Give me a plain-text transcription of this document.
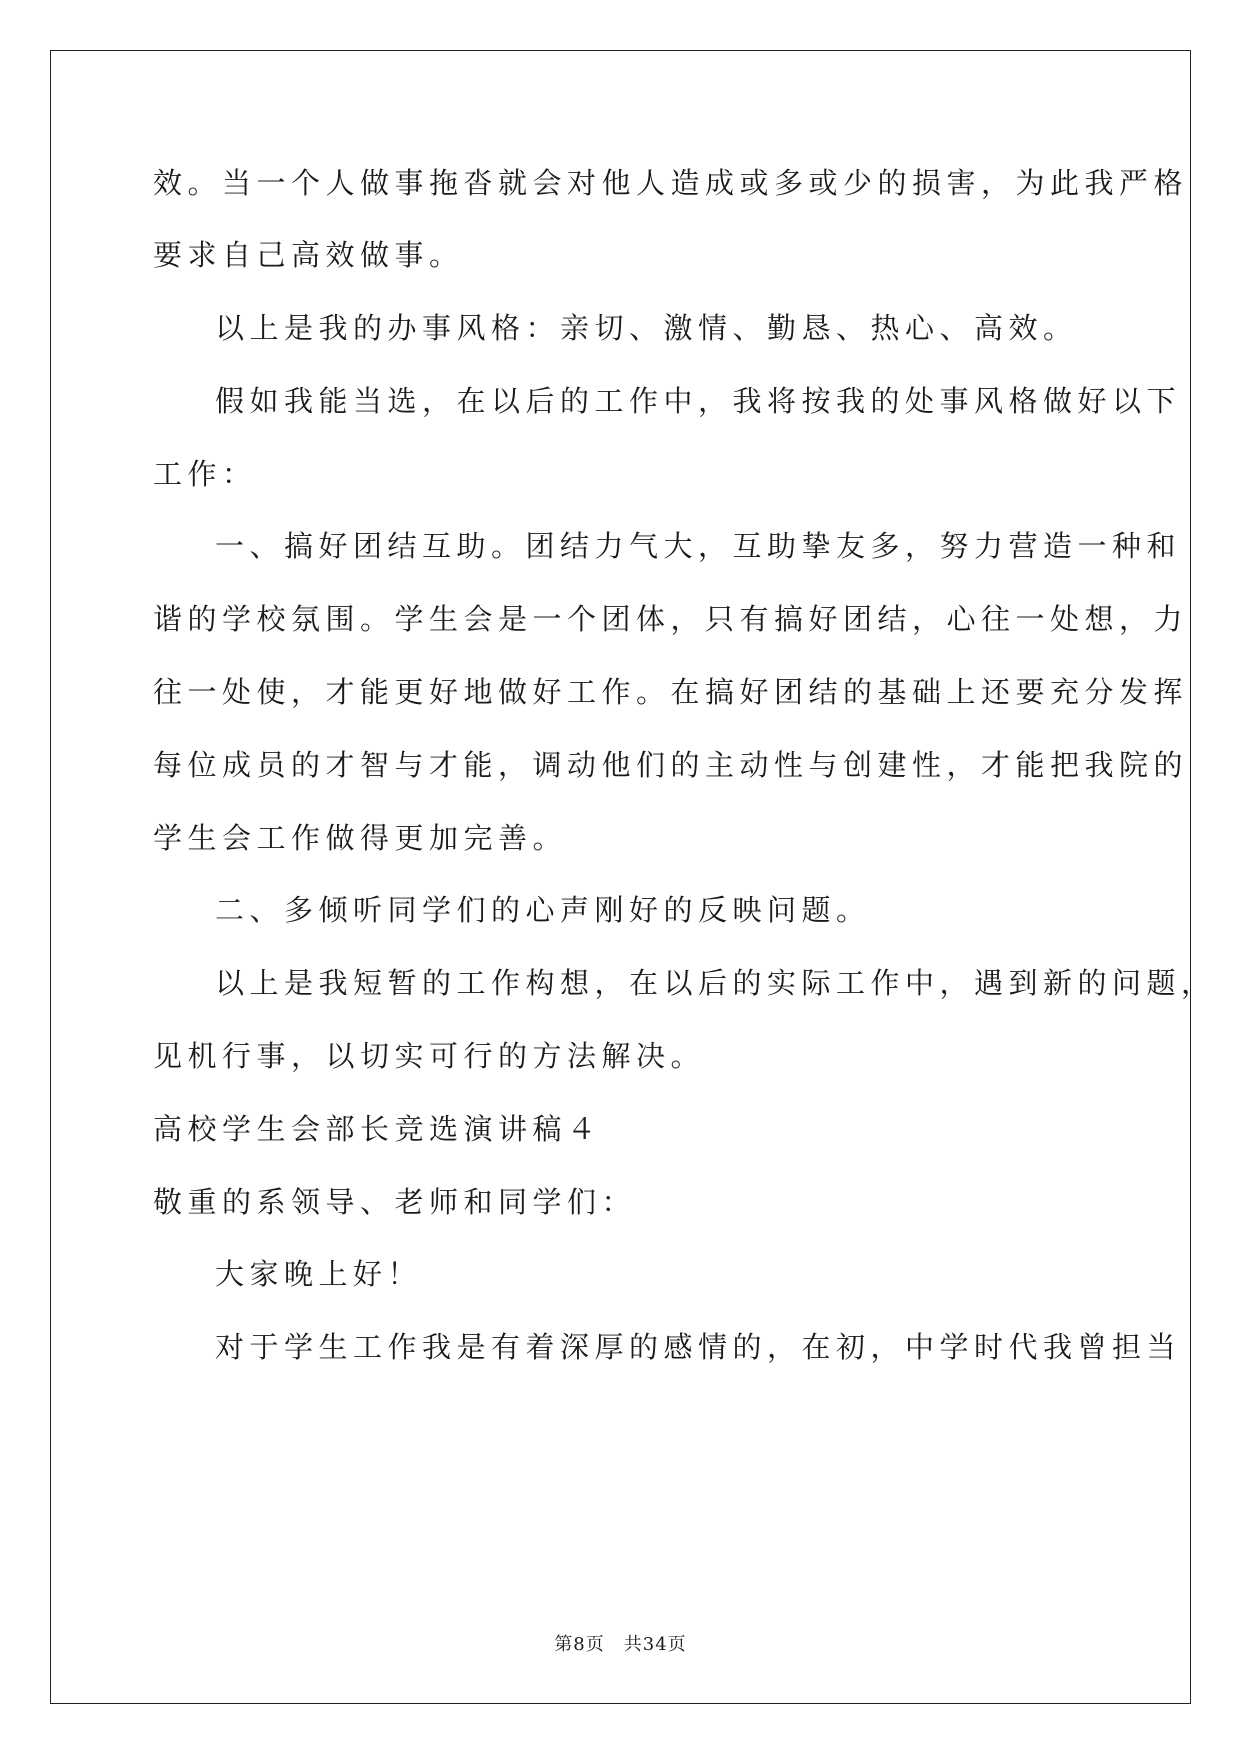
效。当一个人做事拖沓就会对他人造成或多或少的损害，为此我严格
要求自己高效做事。
以上是我的办事风格：亲切、激情、勤恳、热心、高效。
假如我能当选，在以后的工作中，我将按我的处事风格做好以下
工作：
一、搞好团结互助。团结力气大，互助挚友多，努力营造一种和
谐的学校氛围。学生会是一个团体，只有搞好团结，心往一处想，力
往一处使，才能更好地做好工作。在搞好团结的基础上还要充分发挥
每位成员的才智与才能，调动他们的主动性与创建性，才能把我院的
学生会工作做得更加完善。
二、多倾听同学们的心声刚好的反映问题。
以上是我短暂的工作构想，在以后的实际工作中，遇到新的问题，
见机行事，以切实可行的方法解决。
高校学生会部长竞选演讲稿４
敬重的系领导、老师和同学们：
大家晚上好！
对于学生工作我是有着深厚的感情的，在初，中学时代我曾担当
第8页　共34页
